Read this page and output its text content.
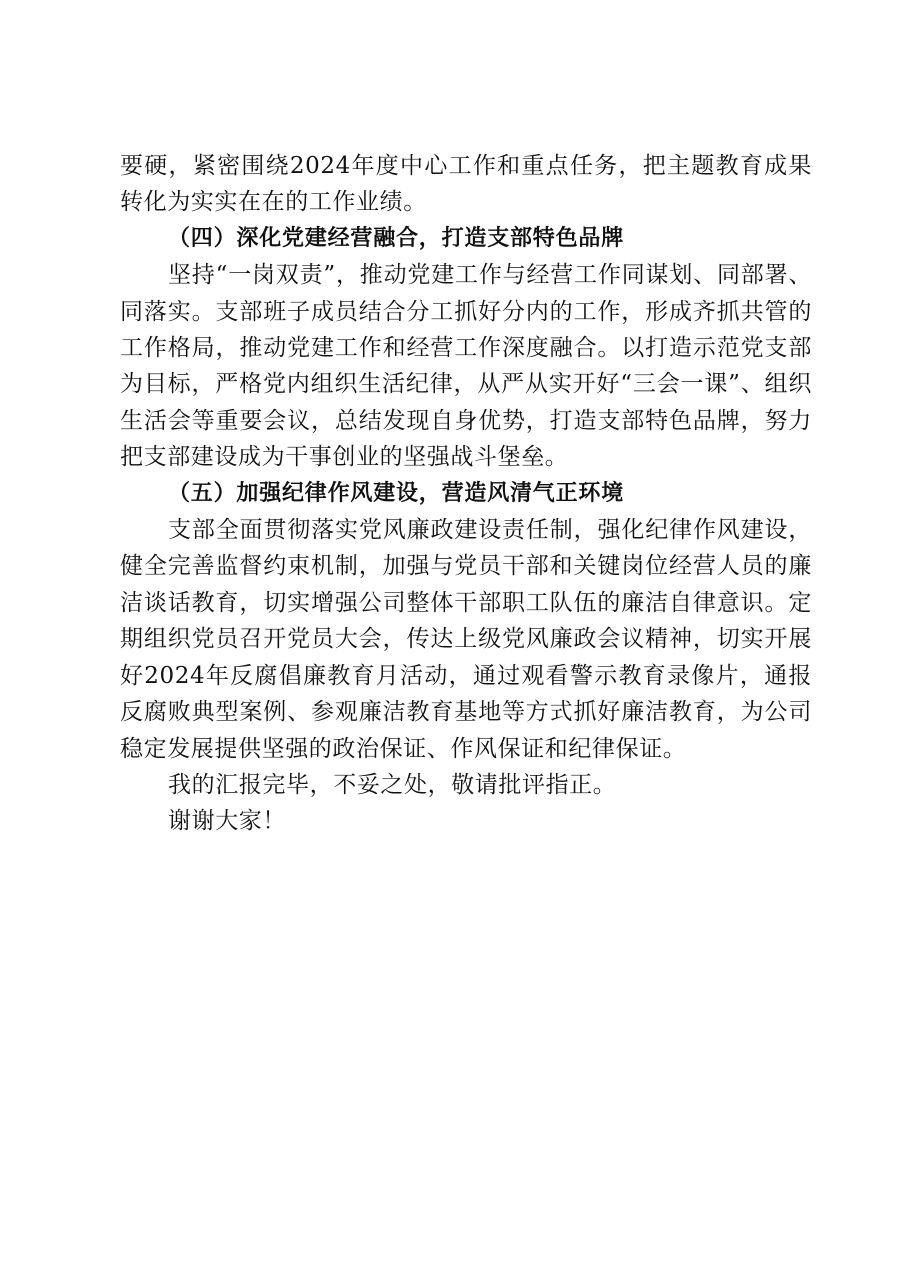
要硬，紧密围绕2024年度中心工作和重点任务，把主题教育成果转化为实实在在的工作业绩。

（四）深化党建经营融合，打造支部特色品牌

坚持“一岗双责”，推动党建工作与经营工作同谋划、同部署、同落实。支部班子成员结合分工抓好分内的工作，形成齐抓共管的工作格局，推动党建工作和经营工作深度融合。以打造示范党支部为目标，严格党内组织生活纪律，从严从实开好“三会一课”、组织生活会等重要会议，总结发现自身优势，打造支部特色品牌，努力把支部建设成为干事创业的坚强战斗堡垒。

（五）加强纪律作风建设，营造风清气正环境

支部全面贯彻落实党风廉政建设责任制，强化纪律作风建设，健全完善监督约束机制，加强与党员干部和关键岗位经营人员的廉洁谈话教育，切实增强公司整体干部职工队伍的廉洁自律意识。定期组织党员召开党员大会，传达上级党风廉政会议精神，切实开展好2024年反腐倡廉教育月活动，通过观看警示教育录像片，通报反腐败典型案例、参观廉洁教育基地等方式抓好廉洁教育，为公司稳定发展提供坚强的政治保证、作风保证和纪律保证。

我的汇报完毕，不妥之处，敬请批评指正。

谢谢大家！
